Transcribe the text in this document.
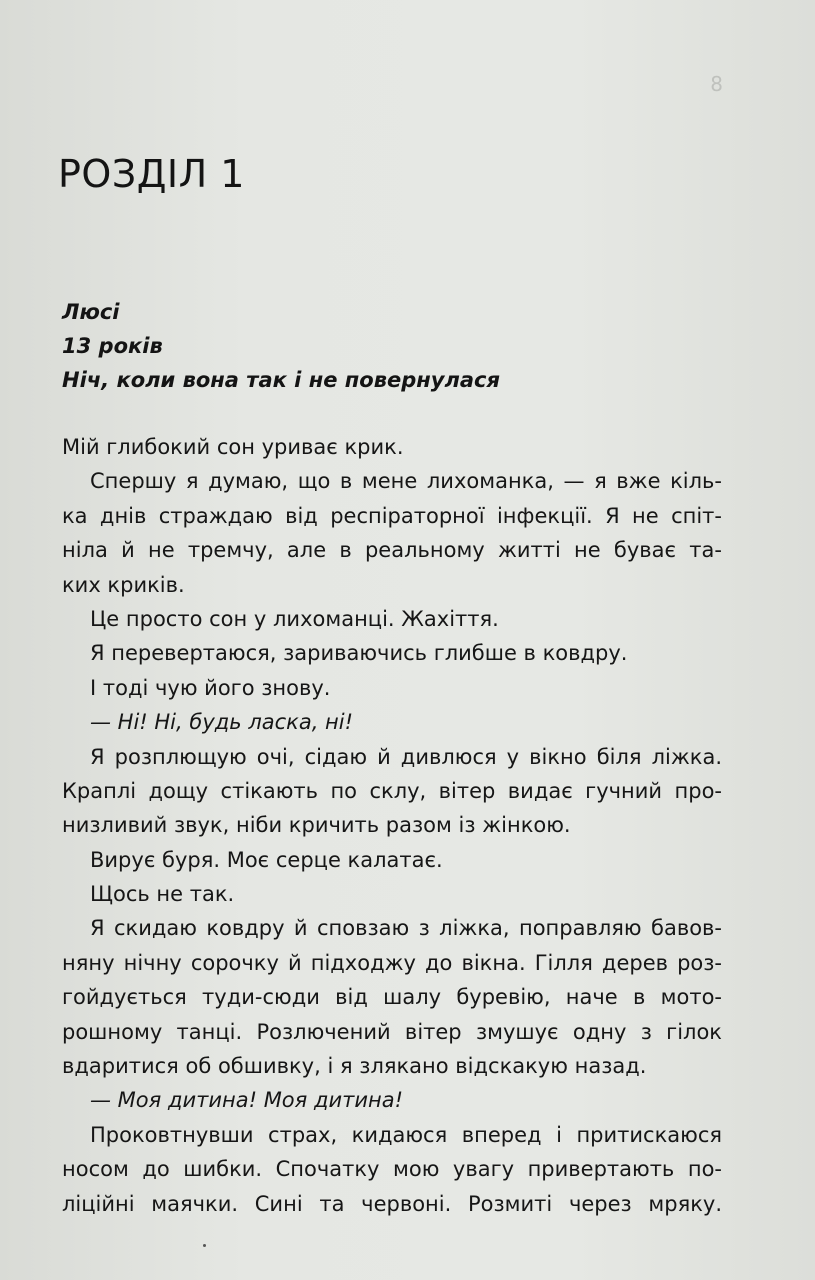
8
РОЗДІЛ 1
Люсі
13 років
Ніч, коли вона так і не повернулася
Мій глибокий сон уриває крик.
Спершу я думаю, що в мене лихоманка, — я вже кіль-
ка днів страждаю від респіраторної інфекції. Я не спіт-
ніла й не тремчу, але в реальному житті не буває та-
ких криків.
Це просто сон у лихоманці. Жахіття.
Я перевертаюся, зариваючись глибше в ковдру.
І тоді чую його знову.
— Ні! Ні, будь ласка, ні!
Я розплющую очі, сідаю й дивлюся у вікно біля ліжка.
Краплі дощу стікають по склу, вітер видає гучний про-
низливий звук, ніби кричить разом із жінкою.
Вирує буря. Моє серце калатає.
Щось не так.
Я скидаю ковдру й сповзаю з ліжка, поправляю бавов-
няну нічну сорочку й підходжу до вікна. Гілля дерев роз-
гойдується туди-сюди від шалу буревію, наче в мото-
рошному танці. Розлючений вітер змушує одну з гілок
вдаритися об обшивку, і я злякано відскакую назад.
— Моя дитина! Моя дитина!
Проковтнувши страх, кидаюся вперед і притискаюся
носом до шибки. Спочатку мою увагу привертають по-
ліційні маячки. Сині та червоні. Розмиті через мряку.
